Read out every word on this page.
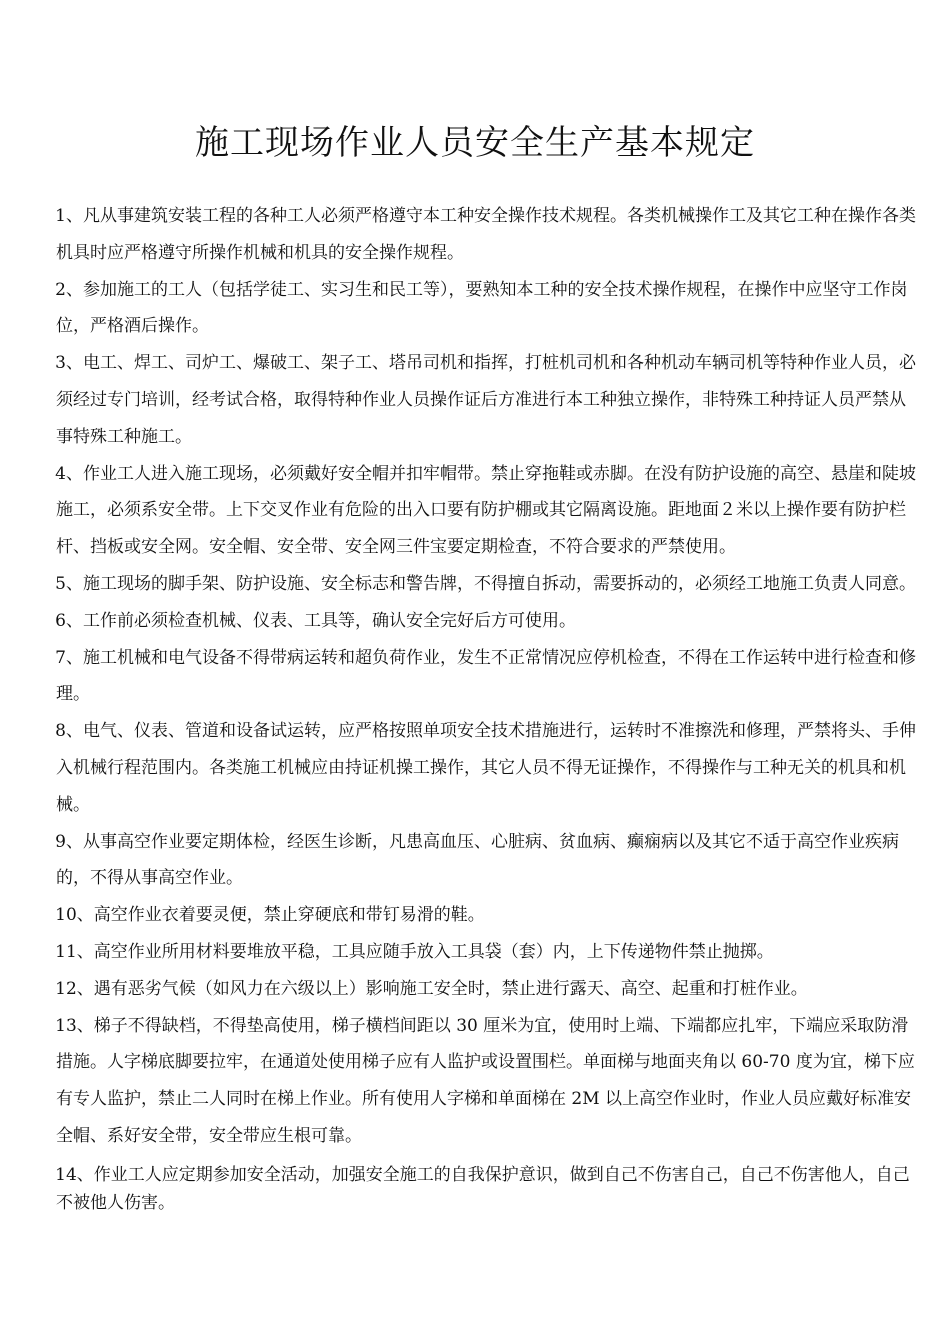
施工现场作业人员安全生产基本规定
1、凡从事建筑安装工程的各种工人必须严格遵守本工种安全操作技术规程。各类机械操作工及其它工种在操作各类机具时应严格遵守所操作机械和机具的安全操作规程。
2、参加施工的工人（包括学徒工、实习生和民工等），要熟知本工种的安全技术操作规程，在操作中应坚守工作岗位，严格酒后操作。
3、电工、焊工、司炉工、爆破工、架子工、塔吊司机和指挥，打桩机司机和各种机动车辆司机等特种作业人员，必须经过专门培训，经考试合格，取得特种作业人员操作证后方准进行本工种独立操作，非特殊工种持证人员严禁从事特殊工种施工。
4、作业工人进入施工现场，必须戴好安全帽并扣牢帽带。禁止穿拖鞋或赤脚。在没有防护设施的高空、悬崖和陡坡施工，必须系安全带。上下交叉作业有危险的出入口要有防护棚或其它隔离设施。距地面２米以上操作要有防护栏杆、挡板或安全网。安全帽、安全带、安全网三件宝要定期检查，不符合要求的严禁使用。
5、施工现场的脚手架、防护设施、安全标志和警告牌，不得擅自拆动，需要拆动的，必须经工地施工负责人同意。
6、工作前必须检查机械、仪表、工具等，确认安全完好后方可使用。
7、施工机械和电气设备不得带病运转和超负荷作业，发生不正常情况应停机检查，不得在工作运转中进行检查和修理。
8、电气、仪表、管道和设备试运转，应严格按照单项安全技术措施进行，运转时不准擦洗和修理，严禁将头、手伸入机械行程范围内。各类施工机械应由持证机操工操作，其它人员不得无证操作，不得操作与工种无关的机具和机械。
9、从事高空作业要定期体检，经医生诊断，凡患高血压、心脏病、贫血病、癫痫病以及其它不适于高空作业疾病的，不得从事高空作业。
10、高空作业衣着要灵便，禁止穿硬底和带钉易滑的鞋。
11、高空作业所用材料要堆放平稳，工具应随手放入工具袋（套）内，上下传递物件禁止抛掷。
12、遇有恶劣气候（如风力在六级以上）影响施工安全时，禁止进行露天、高空、起重和打桩作业。
13、梯子不得缺档，不得垫高使用，梯子横档间距以 30 厘米为宜，使用时上端、下端都应扎牢，下端应采取防滑措施。人字梯底脚要拉牢，在通道处使用梯子应有人监护或设置围栏。单面梯与地面夹角以 60-70 度为宜，梯下应有专人监护，禁止二人同时在梯上作业。所有使用人字梯和单面梯在 2M 以上高空作业时，作业人员应戴好标准安全帽、系好安全带，安全带应生根可靠。
14、作业工人应定期参加安全活动，加强安全施工的自我保护意识，做到自己不伤害自己，自己不伤害他人，自己不被他人伤害。
